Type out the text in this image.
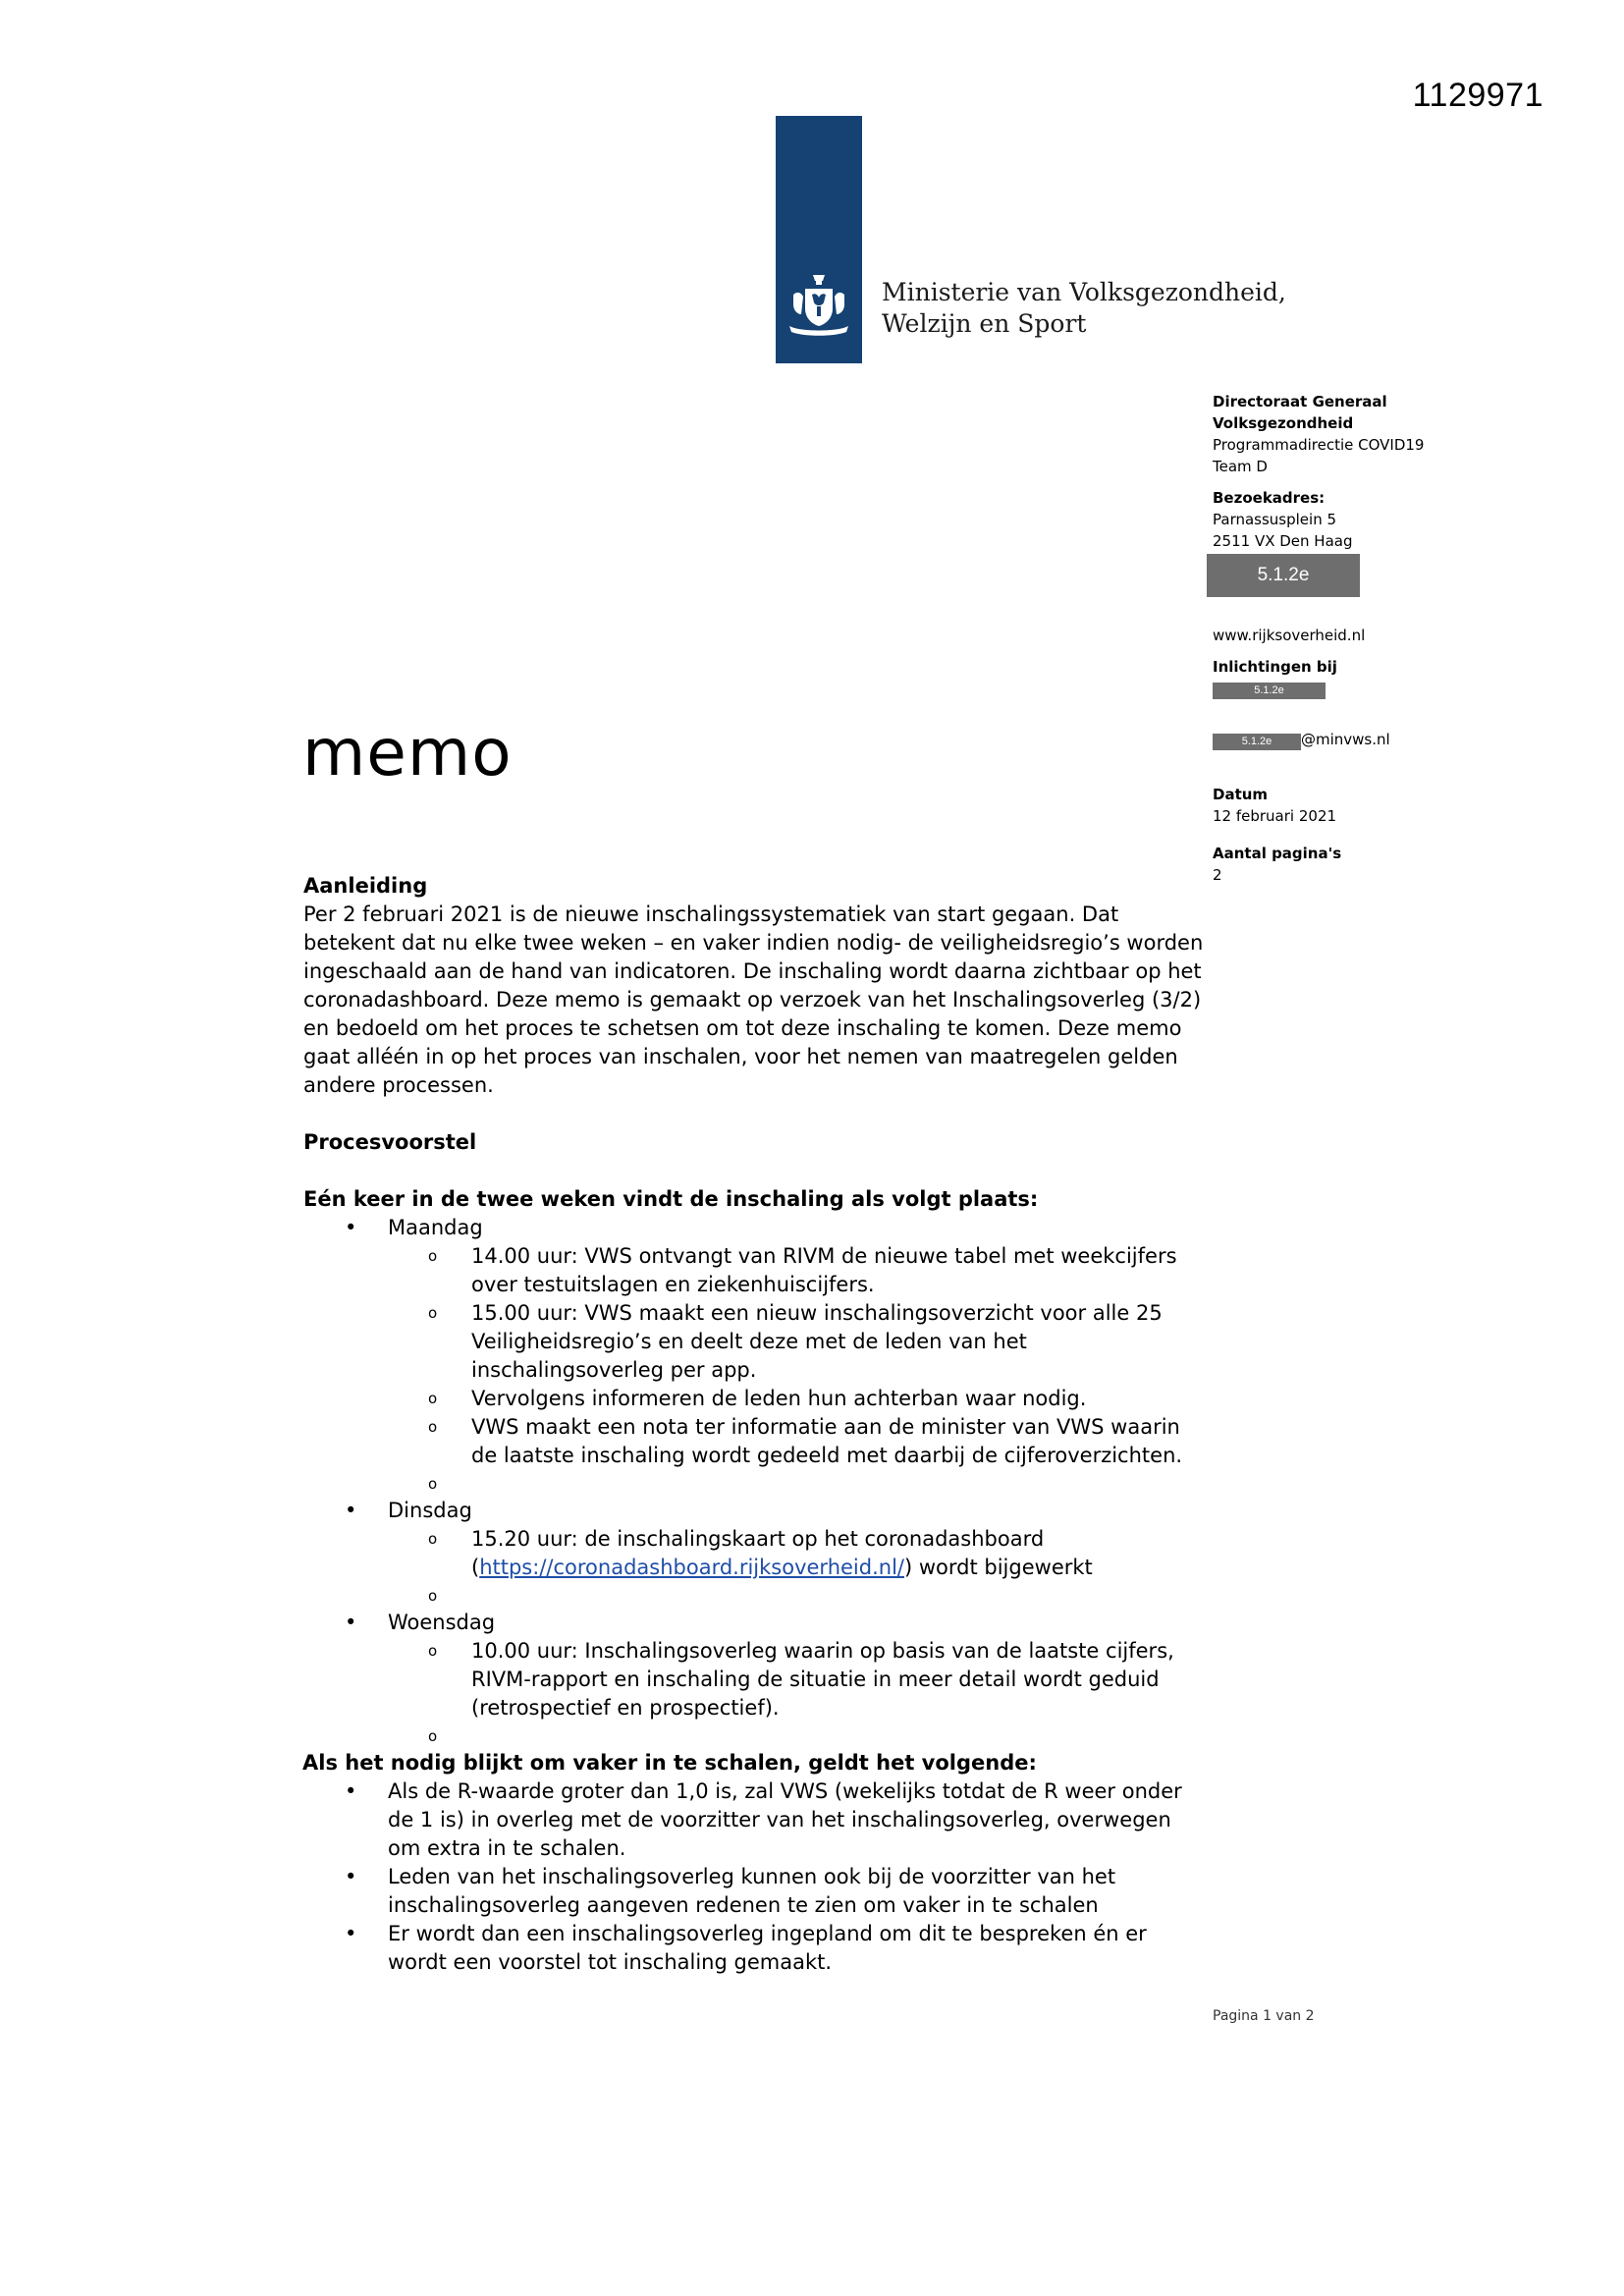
1129971
Ministerie van Volksgezondheid,
Welzijn en Sport
Directoraat Generaal
Volksgezondheid
Programmadirectie COVID19
Team D
Bezoekadres:
Parnassusplein 5
2511 VX Den Haag
5.1.2e
www.rijksoverheid.nl
Inlichtingen bij
5.1.2e
5.1.2e @minvws.nl
Datum
12 februari 2021
Aantal pagina's
2
memo

Aanleiding

Per 2 februari 2021 is de nieuwe inschalingssystematiek van start gegaan. Dat betekent dat nu elke twee weken – en vaker indien nodig- de veiligheidsregio’s worden ingeschaald aan de hand van indicatoren. De inschaling wordt daarna zichtbaar op het coronadashboard. Deze memo is gemaakt op verzoek van het Inschalingsoverleg (3/2) en bedoeld om het proces te schetsen om tot deze inschaling te komen. Deze memo gaat alléén in op het proces van inschalen, voor het nemen van maatregelen gelden andere processen.

Procesvoorstel

Eén keer in de twee weken vindt de inschaling als volgt plaats:

• Maandag
o 14.00 uur: VWS ontvangt van RIVM de nieuwe tabel met weekcijfers over testuitslagen en ziekenhuiscijfers.
o 15.00 uur: VWS maakt een nieuw inschalingsoverzicht voor alle 25 Veiligheidsregio’s en deelt deze met de leden van het inschalingsoverleg per app.
o Vervolgens informeren de leden hun achterban waar nodig.
o VWS maakt een nota ter informatie aan de minister van VWS waarin de laatste inschaling wordt gedeeld met daarbij de cijferoverzichten.
o
• Dinsdag
o 15.20 uur: de inschalingskaart op het coronadashboard (https://coronadashboard.rijksoverheid.nl/) wordt bijgewerkt
o
• Woensdag
o 10.00 uur: Inschalingsoverleg waarin op basis van de laatste cijfers, RIVM-rapport en inschaling de situatie in meer detail wordt geduid (retrospectief en prospectief).
o

Als het nodig blijkt om vaker in te schalen, geldt het volgende:

• Als de R-waarde groter dan 1,0 is, zal VWS (wekelijks totdat de R weer onder de 1 is) in overleg met de voorzitter van het inschalingsoverleg, overwegen om extra in te schalen.
• Leden van het inschalingsoverleg kunnen ook bij de voorzitter van het inschalingsoverleg aangeven redenen te zien om vaker in te schalen
• Er wordt dan een inschalingsoverleg ingepland om dit te bespreken én er wordt een voorstel tot inschaling gemaakt.
Pagina 1 van 2
